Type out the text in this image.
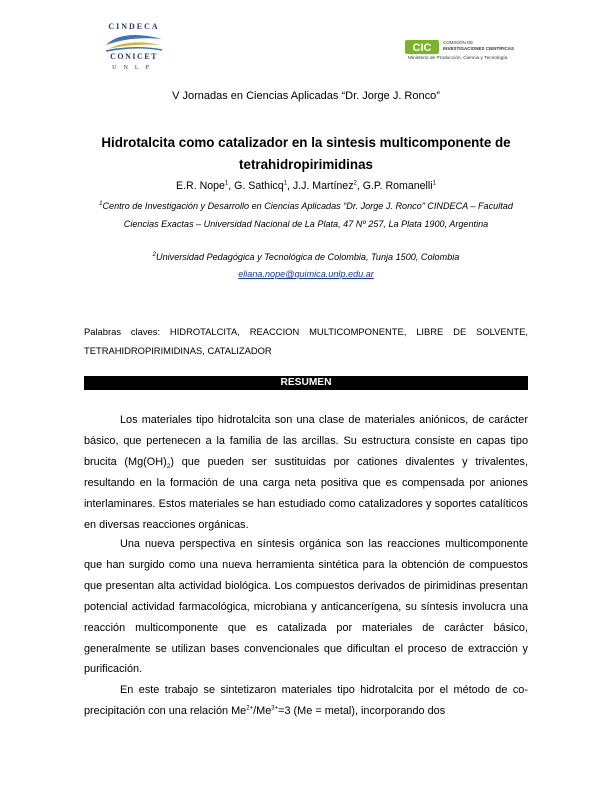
CINDECA
CONICET
UNLP
CIC	COMISIÓN DE
INVESTIGACIONES CIENTÍFICAS
Ministerio de Producción, Ciencia y Tecnología
V Jornadas en Ciencias Aplicadas “Dr. Jorge J. Ronco”
Hidrotalcita como catalizador en la sintesis multicomponente de
tetrahidropirimidinas
E.R. Nope$^1$, G. Sathicq$^1$, J.J. Martínez$^2$, G.P. Romanelli$^1$
$^1$Centro de Investigación y Desarrollo en Ciencias Aplicadas “Dr. Jorge J. Ronco” CINDECA – Facultad Ciencias Exactas – Universidad Nacional de La Plata, 47 Nº 257, La Plata 1900, Argentina
$^2$Universidad Pedagógica y Tecnológica de Colombia, Tunja 1500, Colombia
eliana.nope@quimica.unlp.edu.ar
Palabras claves: HIDROTALCITA, REACCION MULTICOMPONENTE, LIBRE DE SOLVENTE, TETRAHIDROPIRIMIDINAS, CATALIZADOR
RESUMEN

Los materiales tipo hidrotalcita son una clase de materiales aniónicos, de carácter básico, que pertenecen a la familia de las arcillas. Su estructura consiste en capas tipo brucita $(Mg(OH)_2)$ que pueden ser sustituidas por cationes divalentes y trivalentes, resultando en la formación de una carga neta positiva que es compensada por aniones interlaminares. Estos materiales se han estudiado como catalizadores y soportes catalíticos en diversas reacciones orgánicas.

Una nueva perspectiva en síntesis orgánica son las reacciones multicomponente que han surgido como una nueva herramienta sintética para la obtención de compuestos que presentan alta actividad biológica. Los compuestos derivados de pirimidinas presentan potencial actividad farmacológica, microbiana y anticancerígena, su síntesis involucra una reacción multicomponente que es catalizada por materiales de carácter básico, generalmente se utilizan bases convencionales que dificultan el proceso de extracción y purificación.

En este trabajo se sintetizaron materiales tipo hidrotalcita por el método de co-precipitación con una relación $Me^{2+}/Me^{3+}=3$ (Me = metal), incorporando dos
